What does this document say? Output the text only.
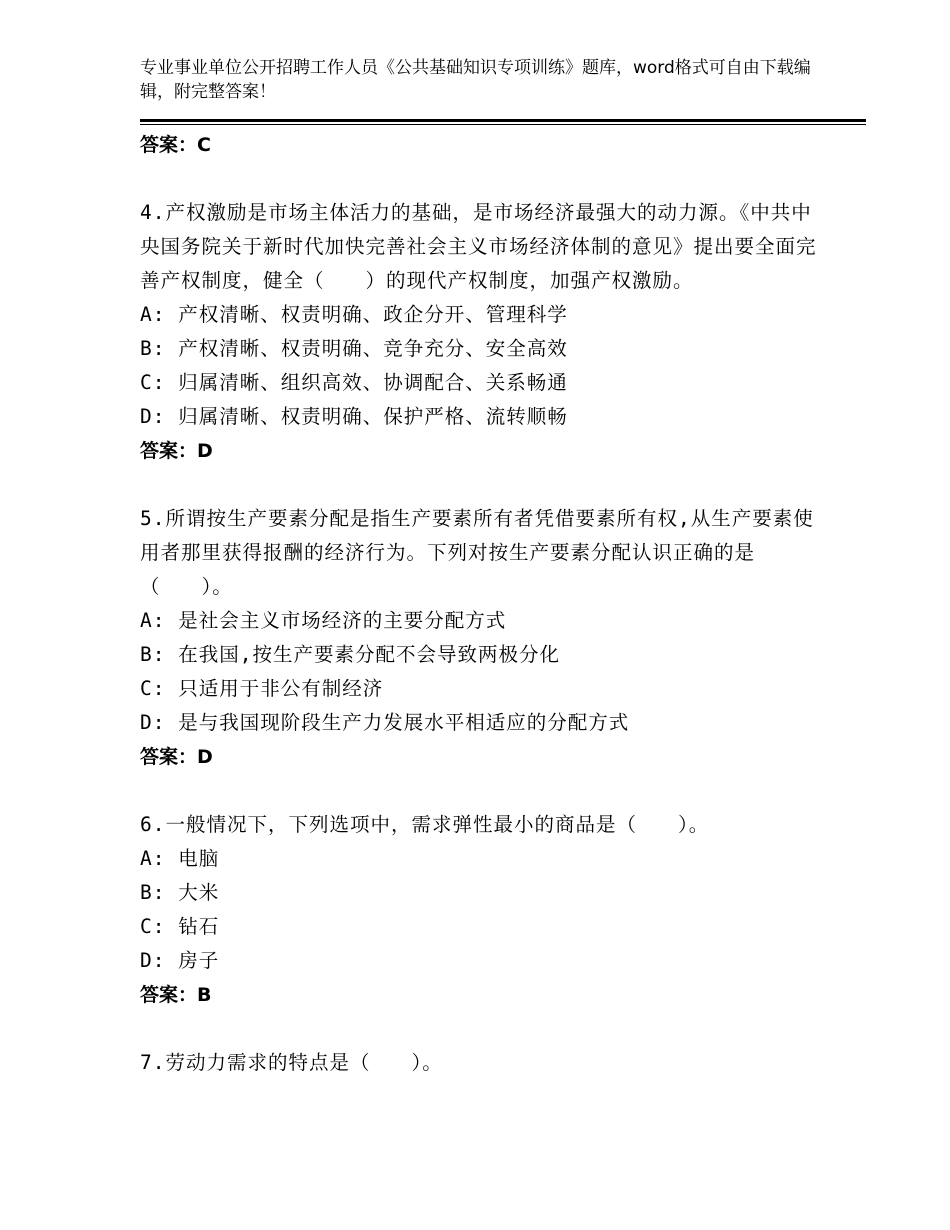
专业事业单位公开招聘工作人员《公共基础知识专项训练》题库，word格式可自由下载编辑，附完整答案！
答案：C
4.产权激励是市场主体活力的基础，是市场经济最强大的动力源。《中共中央国务院关于新时代加快完善社会主义市场经济体制的意见》提出要全面完善产权制度，健全（　　）的现代产权制度，加强产权激励。
A: 产权清晰、权责明确、政企分开、管理科学
B: 产权清晰、权责明确、竞争充分、安全高效
C: 归属清晰、组织高效、协调配合、关系畅通
D: 归属清晰、权责明确、保护严格、流转顺畅
答案：D
5.所谓按生产要素分配是指生产要素所有者凭借要素所有权,从生产要素使用者那里获得报酬的经济行为。下列对按生产要素分配认识正确的是（　　）。
A: 是社会主义市场经济的主要分配方式
B: 在我国,按生产要素分配不会导致两极分化
C: 只适用于非公有制经济
D: 是与我国现阶段生产力发展水平相适应的分配方式
答案：D
6.一般情况下，下列选项中，需求弹性最小的商品是（　　）。
A: 电脑
B: 大米
C: 钻石
D: 房子
答案：B
7.劳动力需求的特点是（　　）。
